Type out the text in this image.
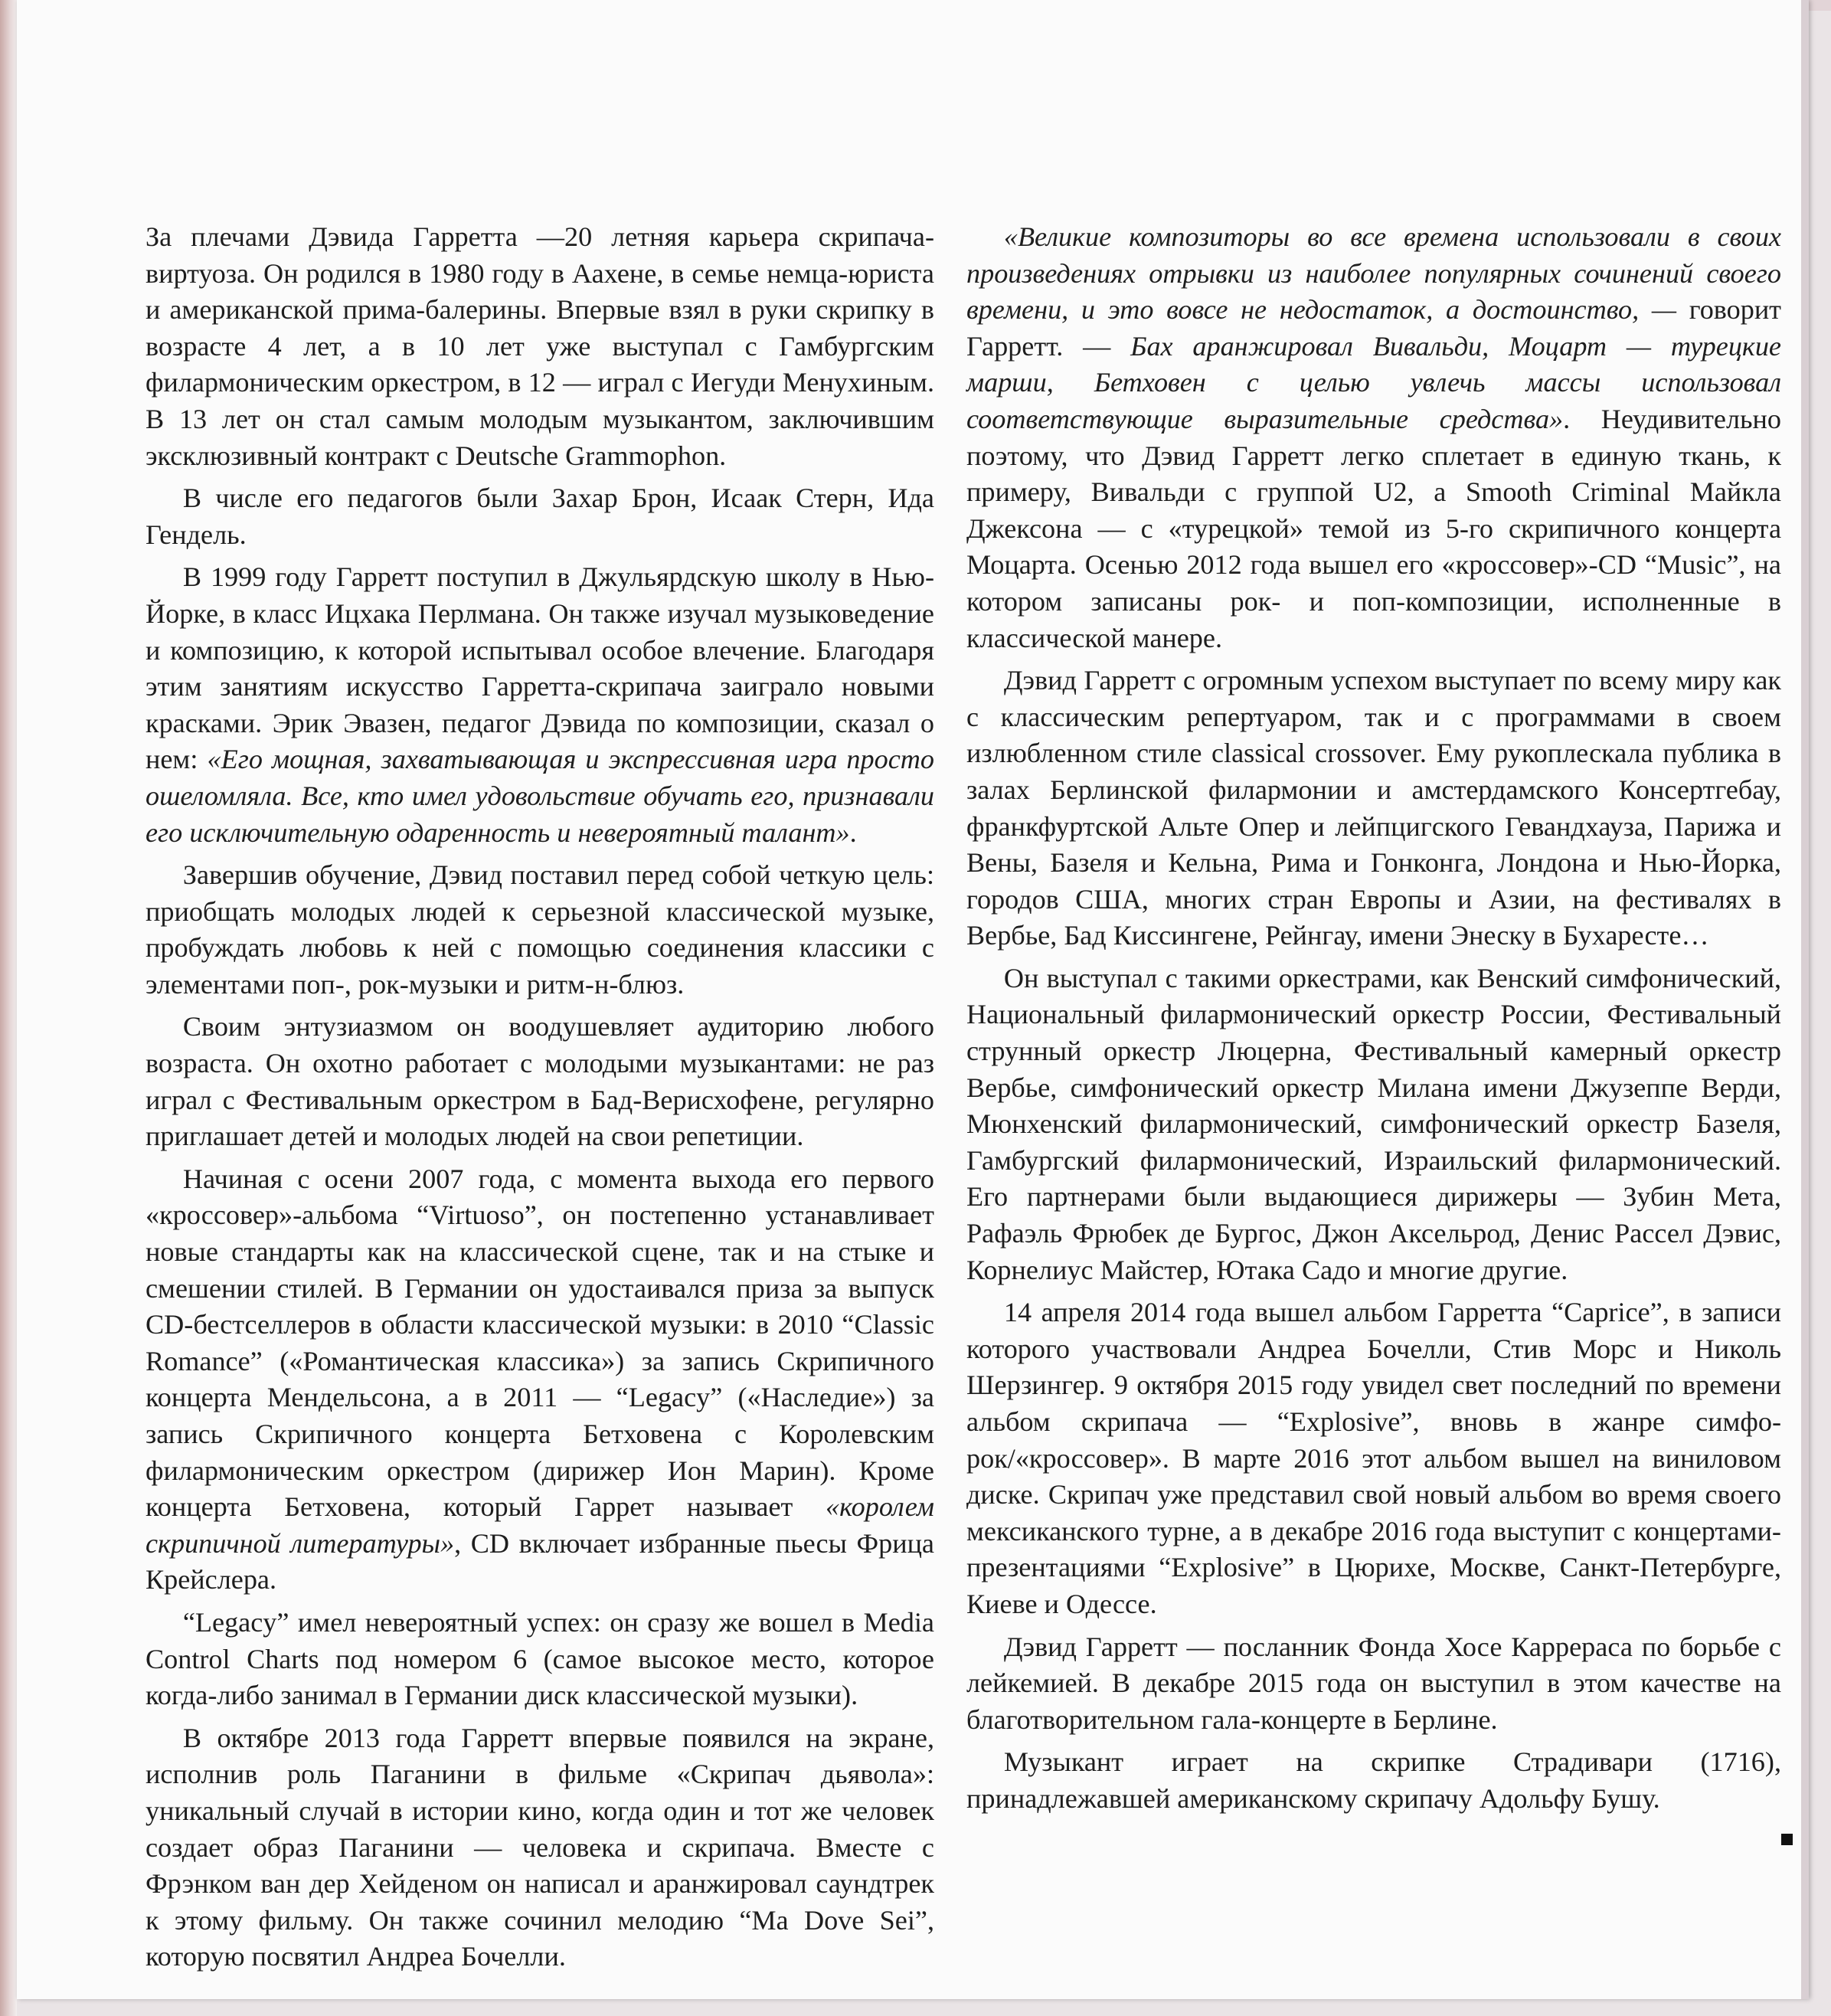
За плечами Дэвида Гарретта —20 летняя карьера скрипача-виртуоза. Он родился в 1980 году в Аахене, в семье немца-юриста и американской прима-балерины. Впервые взял в руки скрипку в возрасте 4 лет, а в 10 лет уже выступал с Гамбургским филармоническим оркестром, в 12 — играл с Иегуди Менухиным. В 13 лет он стал самым молодым музыкантом, заключившим эксклюзивный контракт с Deutsche Grammophon.

В числе его педагогов были Захар Брон, Исаак Стерн, Ида Гендель.

В 1999 году Гарретт поступил в Джульярдскую школу в Нью-Йорке, в класс Ицхака Перлмана. Он также изучал музыковедение и композицию, к которой испытывал особое влечение. Благодаря этим занятиям искусство Гарретта-скрипача заиграло новыми красками. Эрик Эвазен, педагог Дэвида по композиции, сказал о нем: «Его мощная, захватывающая и экспрессивная игра просто ошеломляла. Все, кто имел удовольствие обучать его, признавали его исключительную одаренность и невероятный талант».

Завершив обучение, Дэвид поставил перед собой четкую цель: приобщать молодых людей к серьезной классической музыке, пробуждать любовь к ней с помощью соединения классики с элементами поп-, рок-музыки и ритм-н-блюз.

Своим энтузиазмом он воодушевляет аудиторию любого возраста. Он охотно работает с молодыми музыкантами: не раз играл с Фестивальным оркестром в Бад-Верисхофене, регулярно приглашает детей и молодых людей на свои репетиции.

Начиная с осени 2007 года, с момента выхода его первого «кроссовер»-альбома “Virtuoso”, он постепенно устанавливает новые стандарты как на классической сцене, так и на стыке и смешении стилей. В Германии он удостаивался приза за выпуск CD-бестселлеров в области классической музыки: в 2010 “Classic Romance” («Романтическая классика») за запись Скрипичного концерта Мендельсона, а в 2011 — “Legacy” («Наследие») за запись Скрипичного концерта Бетховена с Королевским филармоническим оркестром (дирижер Ион Марин). Кроме концерта Бетховена, который Гаррет называет «королем скрипичной литературы», CD включает избранные пьесы Фрица Крейслера.

“Legacy” имел невероятный успех: он сразу же вошел в Media Control Charts под номером 6 (самое высокое место, которое когда-либо занимал в Германии диск классической музыки).

В октябре 2013 года Гарретт впервые появился на экране, исполнив роль Паганини в фильме «Скрипач дьявола»: уникальный случай в истории кино, когда один и тот же человек создает образ Паганини — человека и скрипача. Вместе с Фрэнком ван дер Хейденом он написал и аранжировал саундтрек к этому фильму. Он также сочинил мелодию “Ma Dove Sei”, которую посвятил Андреа Бочелли.

«Великие композиторы во все времена использовали в своих произведениях отрывки из наиболее популярных сочинений своего времени, и это вовсе не недостаток, а достоинство, — говорит Гарретт. — Бах аранжировал Вивальди, Моцарт — турецкие марши, Бетховен с целью увлечь массы использовал соответствующие выразительные средства». Неудивительно поэтому, что Дэвид Гарретт легко сплетает в единую ткань, к примеру, Вивальди с группой U2, а Smooth Criminal Майкла Джексона — с «турецкой» темой из 5-го скрипичного концерта Моцарта. Осенью 2012 года вышел его «кроссовер»-CD “Music”, на котором записаны рок- и поп-композиции, исполненные в классической манере.

Дэвид Гарретт с огромным успехом выступает по всему миру как с классическим репертуаром, так и с программами в своем излюбленном стиле classical crossover. Ему рукоплескала публика в залах Берлинской филармонии и амстердамского Консертгебау, франкфуртской Альте Опер и лейпцигского Гевандхауза, Парижа и Вены, Базеля и Кельна, Рима и Гонконга, Лондона и Нью-Йорка, городов США, многих стран Европы и Азии, на фестивалях в Вербье, Бад Киссингене, Рейнгау, имени Энеску в Бухаресте…

Он выступал с такими оркестрами, как Венский симфонический, Национальный филармонический оркестр России, Фестивальный струнный оркестр Люцерна, Фестивальный камерный оркестр Вербье, симфонический оркестр Милана имени Джузеппе Верди, Мюнхенский филармонический, симфонический оркестр Базеля, Гамбургский филармонический, Израильский филармонический. Его партнерами были выдающиеся дирижеры — Зубин Мета, Рафаэль Фрюбек де Бургос, Джон Аксельрод, Денис Рассел Дэвис, Корнелиус Майстер, Ютака Садо и многие другие.

14 апреля 2014 года вышел альбом Гарретта “Caprice”, в записи которого участвовали Андреа Бочелли, Стив Морс и Николь Шерзингер. 9 октября 2015 году увидел свет последний по времени альбом скрипача — “Explosive”, вновь в жанре симфо-рок/«кроссовер». В марте 2016 этот альбом вышел на виниловом диске. Скрипач уже представил свой новый альбом во время своего мексиканского турне, а в декабре 2016 года выступит с концертами-презентациями “Explosive” в Цюрихе, Москве, Санкт-Петербурге, Киеве и Одессе.

Дэвид Гарретт — посланник Фонда Хосе Каррераса по борьбе с лейкемией. В декабре 2015 года он выступил в этом качестве на благотворительном гала-концерте в Берлине.

Музыкант играет на скрипке Страдивари (1716), принадлежавшей американскому скрипачу Адольфу Бушу.
